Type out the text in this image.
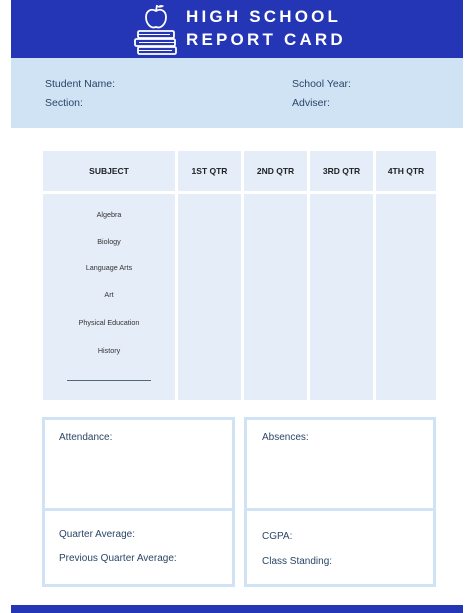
HIGH SCHOOL
REPORT CARD
Student Name:
Section:
School Year:
Adviser:
SUBJECT	1ST QTR	2ND QTR	3RD QTR	4TH QTR
Algebra
Biology
Language Arts
Art
Physical Education
History
Attendance:	Absences:
Quarter Average:
Previous Quarter Average:
CGPA:
Class Standing:
